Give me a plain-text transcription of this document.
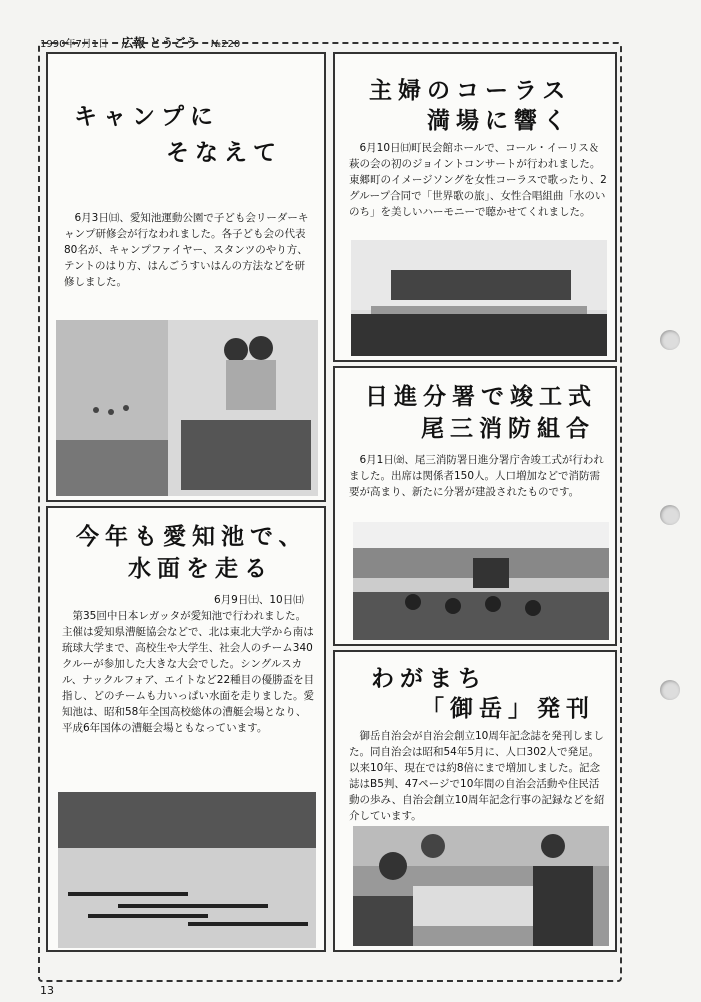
1990年7月1日 広報 とうごう №220
キャンプに
そなえて
6月3日㈰、愛知池運動公園で子ども会リーダーキャンプ研修会が行なわれました。各子ども会の代表80名が、キャンプファイヤー、スタンツのやり方、テントのはり方、はんごうすいはんの方法などを研修しました。
主婦のコーラス
満場に響く
6月10日㈰町民会館ホールで、コール・イーリス＆萩の会の初のジョイントコンサートが行われました。東郷町のイメージソングを女性コーラスで歌ったり、2グループ合同で「世界歌の旅」、女性合唱組曲「水のいのち」を美しいハーモニーで聴かせてくれました。
日進分署で竣工式
尾三消防組合
6月1日㈮、尾三消防署日進分署庁舎竣工式が行われました。出席は関係者150人。人口増加などで消防需要が高まり、新たに分署が建設されたものです。
今年も愛知池で、
水面を走る
6月9日㈯、10日㈰
第35回中日本レガッタが愛知池で行われました。主催は愛知県漕艇協会などで、北は東北大学から南は琉球大学まで、高校生や大学生、社会人のチーム340クルーが参加した大きな大会でした。シングルスカル、ナックルフォア、エイトなど22種目の優勝盃を目指し、どのチームも力いっぱい水面を走りました。愛知池は、昭和58年全国高校総体の漕艇会場となり、平成6年国体の漕艇会場ともなっています。
わがまち
「御岳」発刊
御岳自治会が自治会創立10周年記念誌を発刊しました。同自治会は昭和54年5月に、人口302人で発足。以来10年、現在では約8倍にまで増加しました。記念誌はB5判、47ページで10年間の自治会活動や住民活動の歩み、自治会創立10周年記念行事の記録などを紹介しています。
13
